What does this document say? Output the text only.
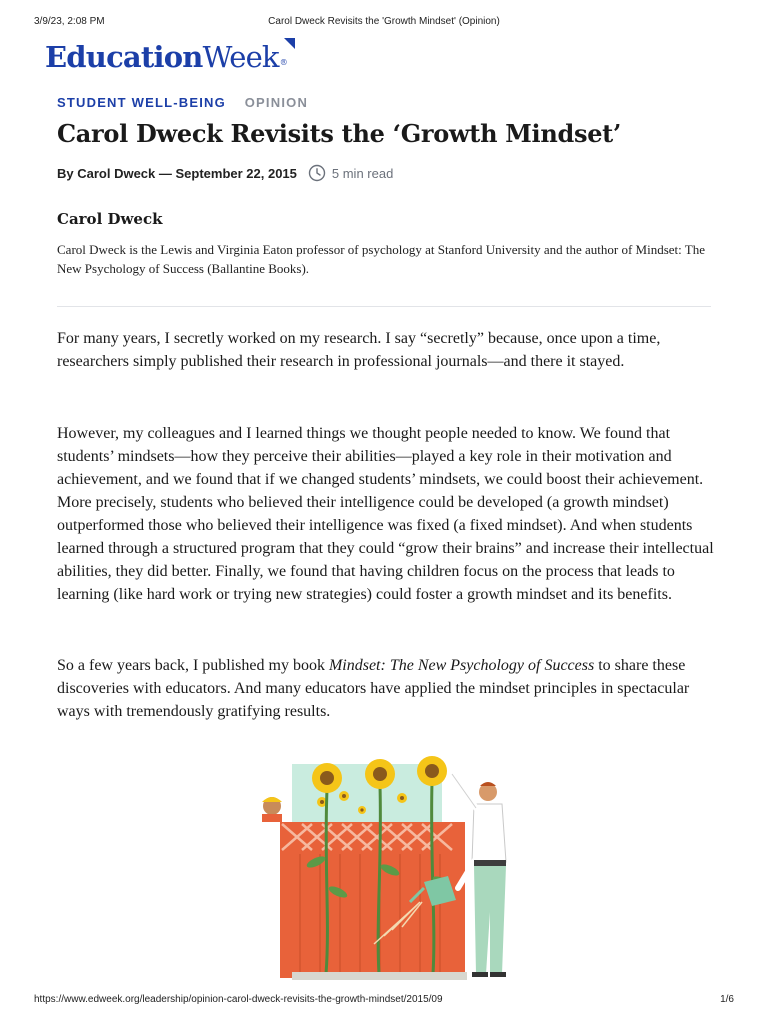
3/9/23, 2:08 PM	Carol Dweck Revisits the 'Growth Mindset' (Opinion)
EducationWeek®
STUDENT WELL-BEING OPINION
Carol Dweck Revisits the ‘Growth Mindset’
By Carol Dweck — September 22, 2015	5 min read
Carol Dweck

Carol Dweck is the Lewis and Virginia Eaton professor of psychology at Stanford University and the author of Mindset: The New Psychology of Success (Ballantine Books).

For many years, I secretly worked on my research. I say “secretly” because, once upon a time, researchers simply published their research in professional journals—and there it stayed.

However, my colleagues and I learned things we thought people needed to know. We found that students’ mindsets—how they perceive their abilities—played a key role in their motivation and achievement, and we found that if we changed students’ mindsets, we could boost their achievement. More precisely, students who believed their intelligence could be developed (a growth mindset) outperformed those who believed their intelligence was fixed (a fixed mindset). And when students learned through a structured program that they could “grow their brains” and increase their intellectual abilities, they did better. Finally, we found that having children focus on the process that leads to learning (like hard work or trying new strategies) could foster a growth mindset and its benefits.

So a few years back, I published my book Mindset: The New Psychology of Success to share these discoveries with educators. And many educators have applied the mindset principles in spectacular ways with tremendously gratifying results.

https://www.edweek.org/leadership/opinion-carol-dweck-revisits-the-growth-mindset/2015/09	1/6
